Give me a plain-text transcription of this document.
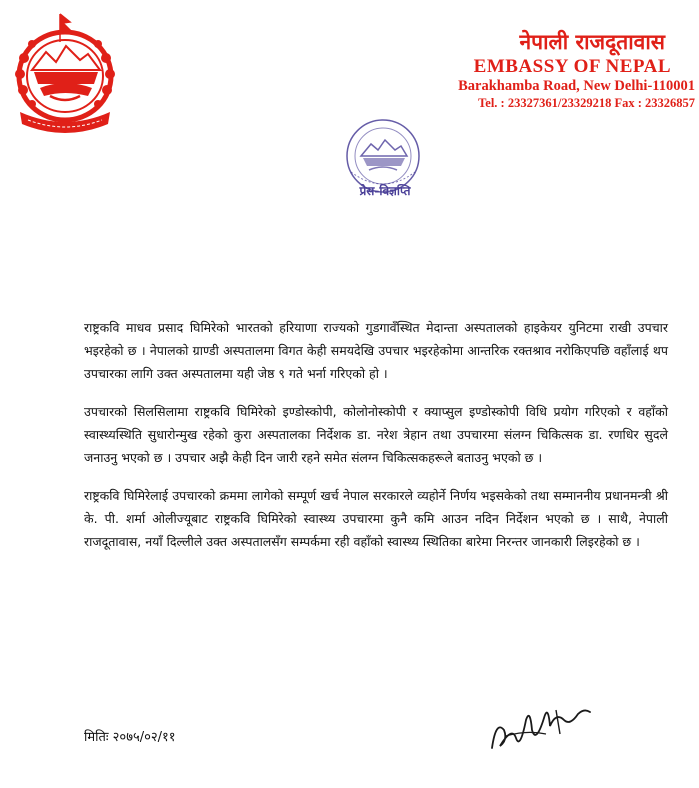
नेपाली राजदूतावास
EMBASSY OF NEPAL
Barakhamba Road, New Delhi-110001
Tel. : 23327361/23329218 Fax : 23326857
प्रेस-विज्ञप्ति

राष्ट्रकवि माधव प्रसाद घिमिरेको भारतको हरियाणा राज्यको गुडगावँस्थित मेदान्ता अस्पतालको हाइकेयर युनिटमा राखी उपचार भइरहेको छ । नेपालको ग्राण्डी अस्पतालमा विगत केही समयदेखि उपचार भइरहेकोमा आन्तरिक रक्तश्राव नरोकिएपछि वहाँलाई थप उपचारका लागि उक्त अस्पतालमा यही जेष्ठ ९ गते भर्ना गरिएको हो ।

उपचारको सिलसिलामा राष्ट्रकवि घिमिरेको इण्डोस्कोपी, कोलोनोस्कोपी र क्याप्सुल इण्डोस्कोपी विधि प्रयोग गरिएको र वहाँको स्वास्थ्यस्थिति सुधारोन्मुख रहेको कुरा अस्पतालका निर्देशक डा. नरेश त्रेहान तथा उपचारमा संलग्न चिकित्सक डा. रणधिर सुदले जनाउनु भएको छ । उपचार अझै केही दिन जारी रहने समेत संलग्न चिकित्सकहरूले बताउनु भएको छ ।

राष्ट्रकवि घिमिरेलाई उपचारको क्रममा लागेको सम्पूर्ण खर्च नेपाल सरकारले व्यहोर्ने निर्णय भइसकेको तथा सम्माननीय प्रधानमन्त्री श्री के. पी. शर्मा ओलीज्यूबाट राष्ट्रकवि घिमिरेको स्वास्थ्य उपचारमा कुनै कमि आउन नदिन निर्देशन भएको छ । साथै, नेपाली राजदूतावास, नयाँ दिल्लीले उक्त अस्पतालसँग सम्पर्कमा रही वहाँको स्वास्थ्य स्थितिका बारेमा निरन्तर जानकारी लिइरहेको छ ।

मितिः २०७५/०२/११
